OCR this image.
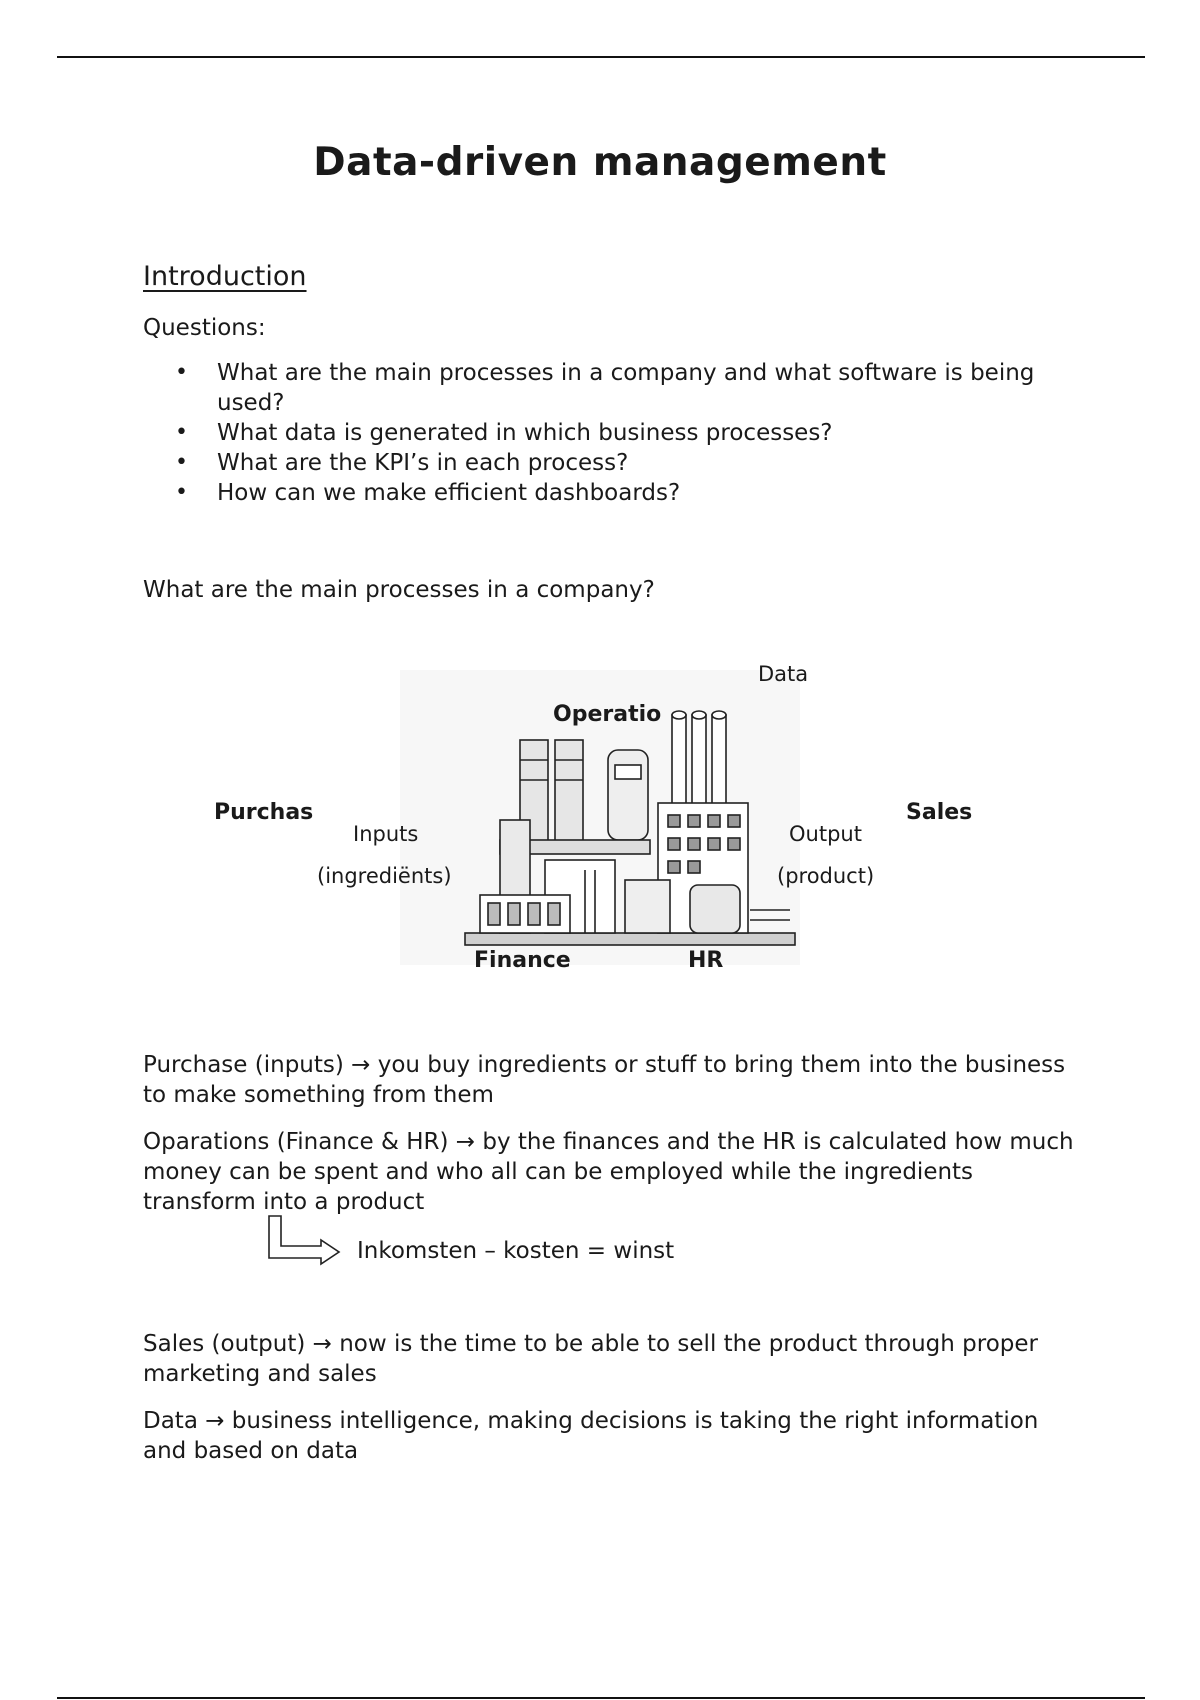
Data-driven management
Introduction
Questions:
• What are the main processes in a company and what software is being used?
• What data is generated in which business processes?
• What are the KPI’s in each process?
• How can we make efficient dashboards?
What are the main processes in a company?
Data
Operatio
Purchas	Sales
Inputs
(ingrediënts)
Output
(product)
Finance	HR
Purchase (inputs) → you buy ingredients or stuff to bring them into the business to make something from them
Oparations (Finance & HR) → by the finances and the HR is calculated how much money can be spent and who all can be employed while the ingredients transform into a product
Inkomsten – kosten = winst
Sales (output) → now is the time to be able to sell the product through proper marketing and sales
Data → business intelligence, making decisions is taking the right information and based on data
